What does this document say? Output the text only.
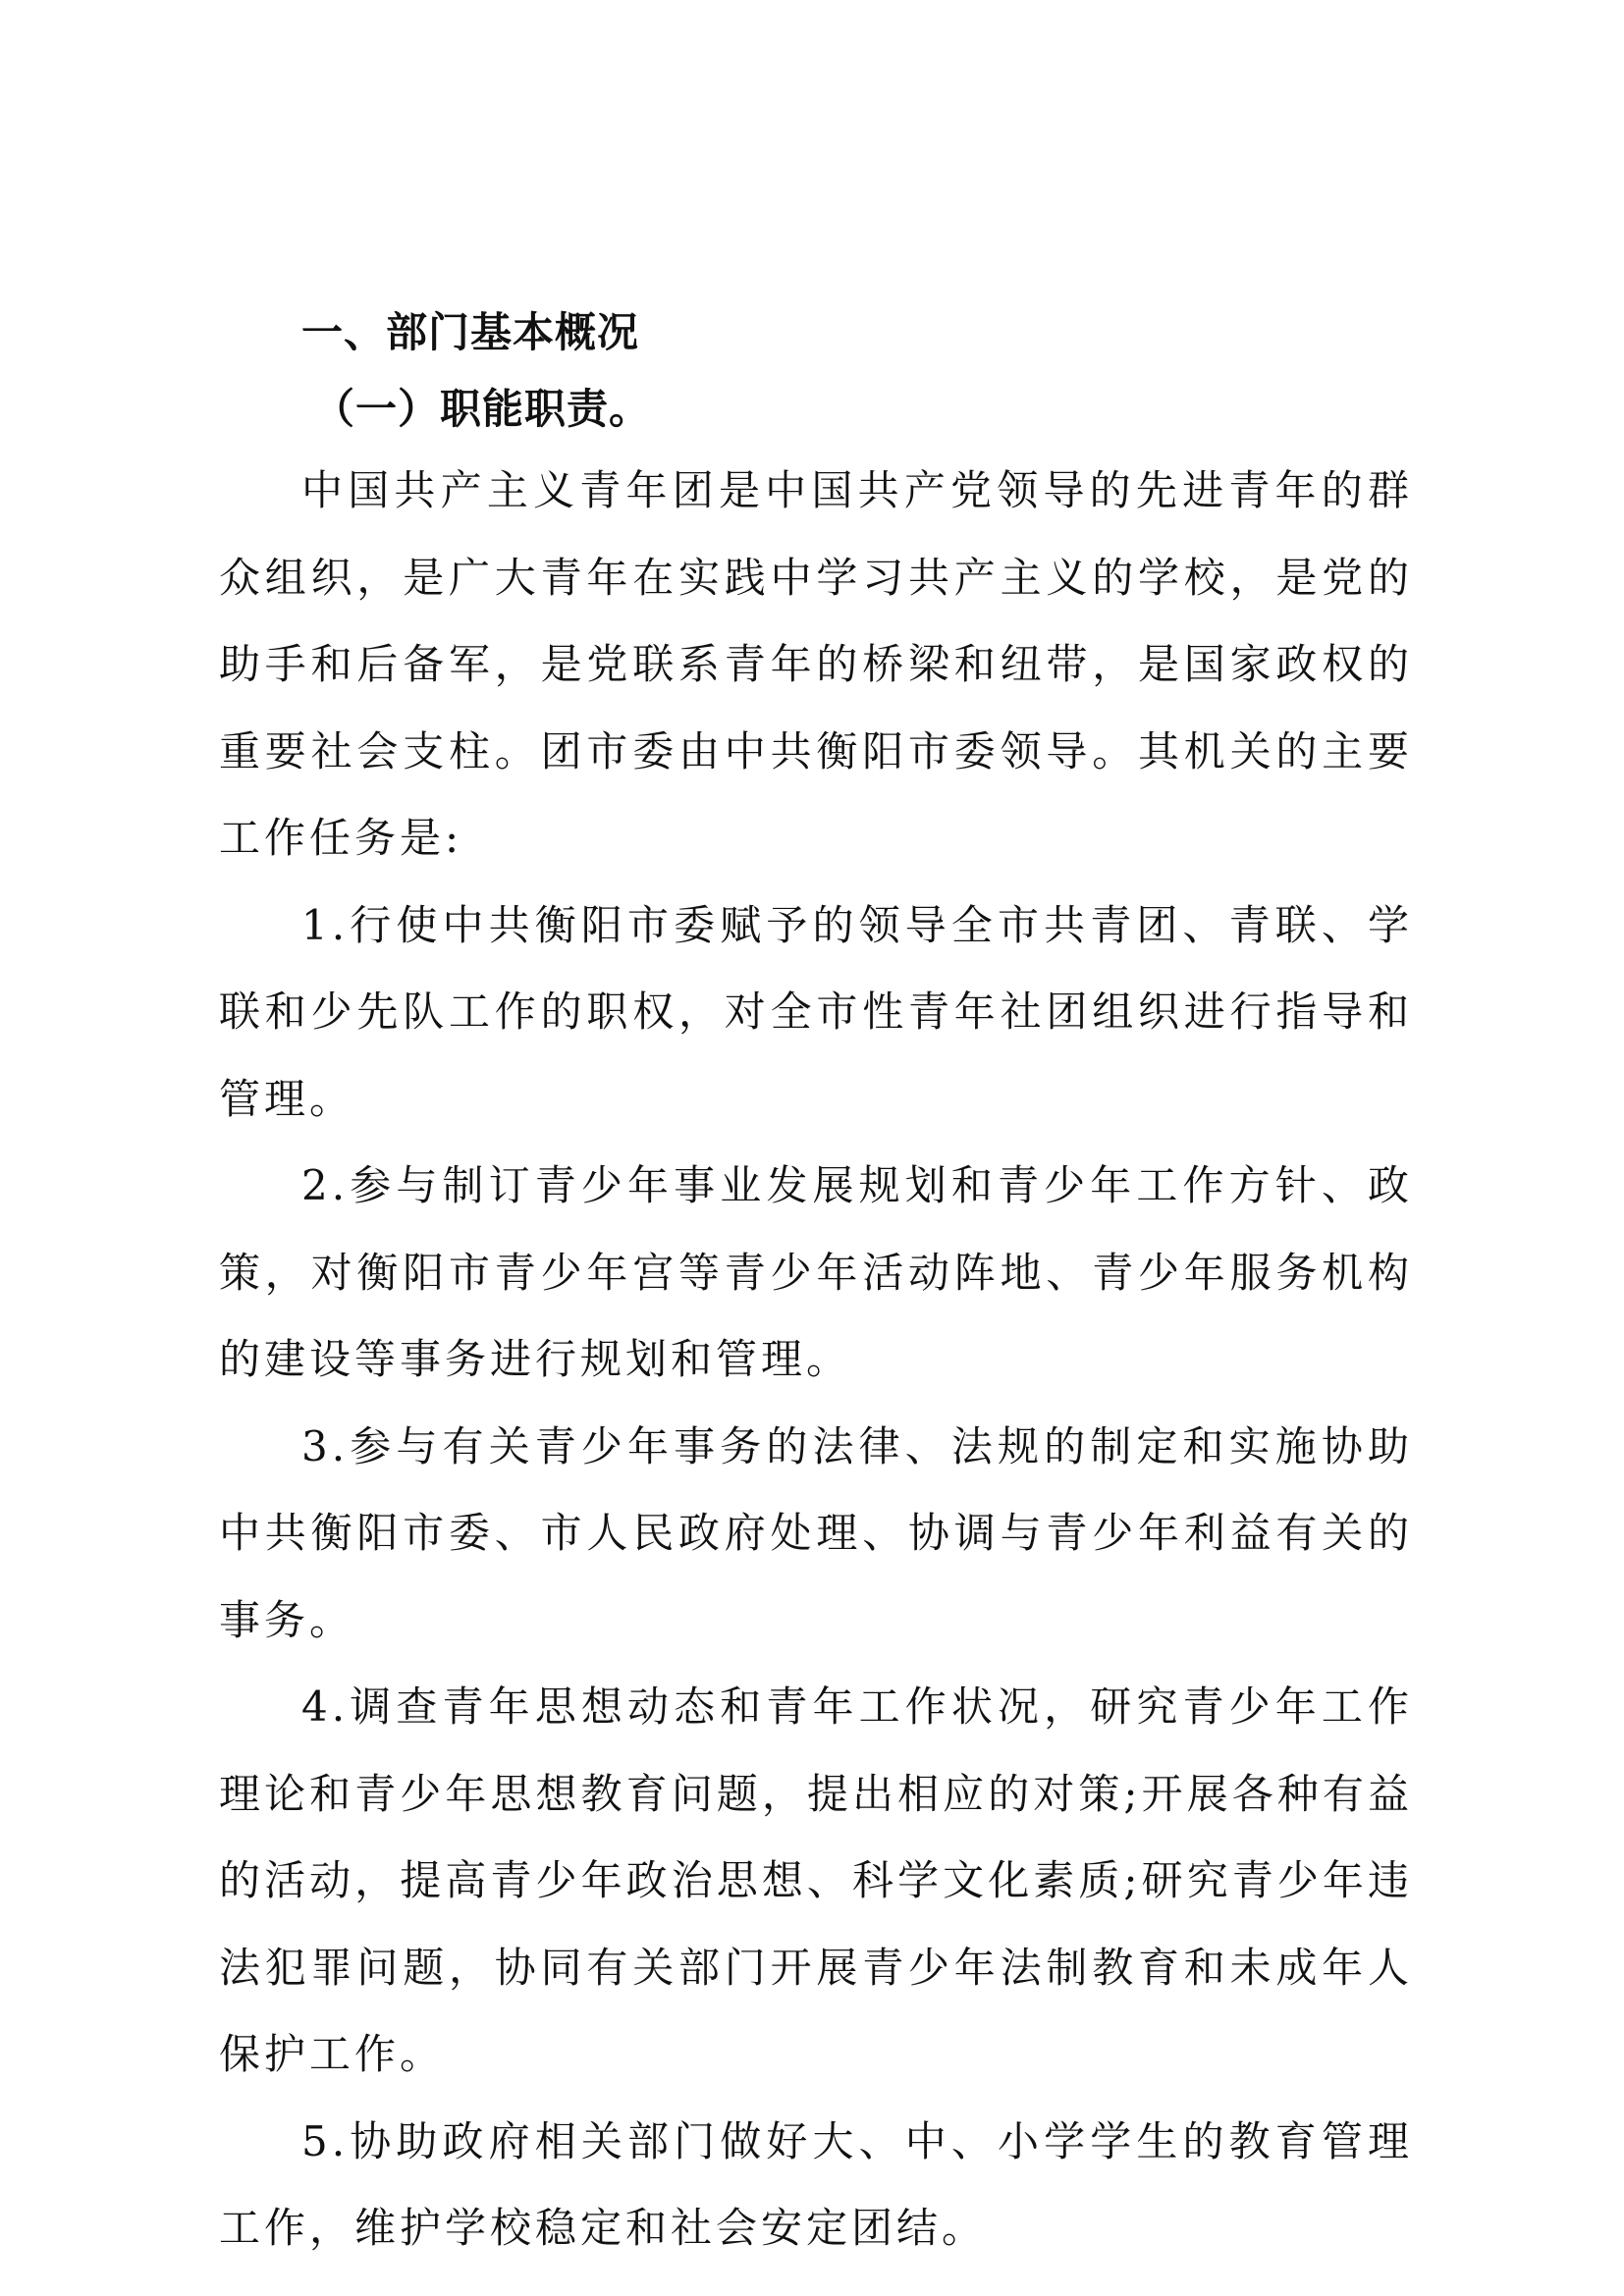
一、部门基本概况

（一）职能职责。

中国共产主义青年团是中国共产党领导的先进青年的群众组织，是广大青年在实践中学习共产主义的学校，是党的助手和后备军，是党联系青年的桥梁和纽带，是国家政权的重要社会支柱。团市委由中共衡阳市委领导。其机关的主要工作任务是:

1.行使中共衡阳市委赋予的领导全市共青团、青联、学联和少先队工作的职权，对全市性青年社团组织进行指导和管理。

2.参与制订青少年事业发展规划和青少年工作方针、政策，对衡阳市青少年宫等青少年活动阵地、青少年服务机构的建设等事务进行规划和管理。

3.参与有关青少年事务的法律、法规的制定和实施协助中共衡阳市委、市人民政府处理、协调与青少年利益有关的事务。

4.调查青年思想动态和青年工作状况，研究青少年工作理论和青少年思想教育问题，提出相应的对策;开展各种有益的活动，提高青少年政治思想、科学文化素质;研究青少年违法犯罪问题，协同有关部门开展青少年法制教育和未成年人保护工作。

5.协助政府相关部门做好大、中、小学学生的教育管理工作，维护学校稳定和社会安定团结。
